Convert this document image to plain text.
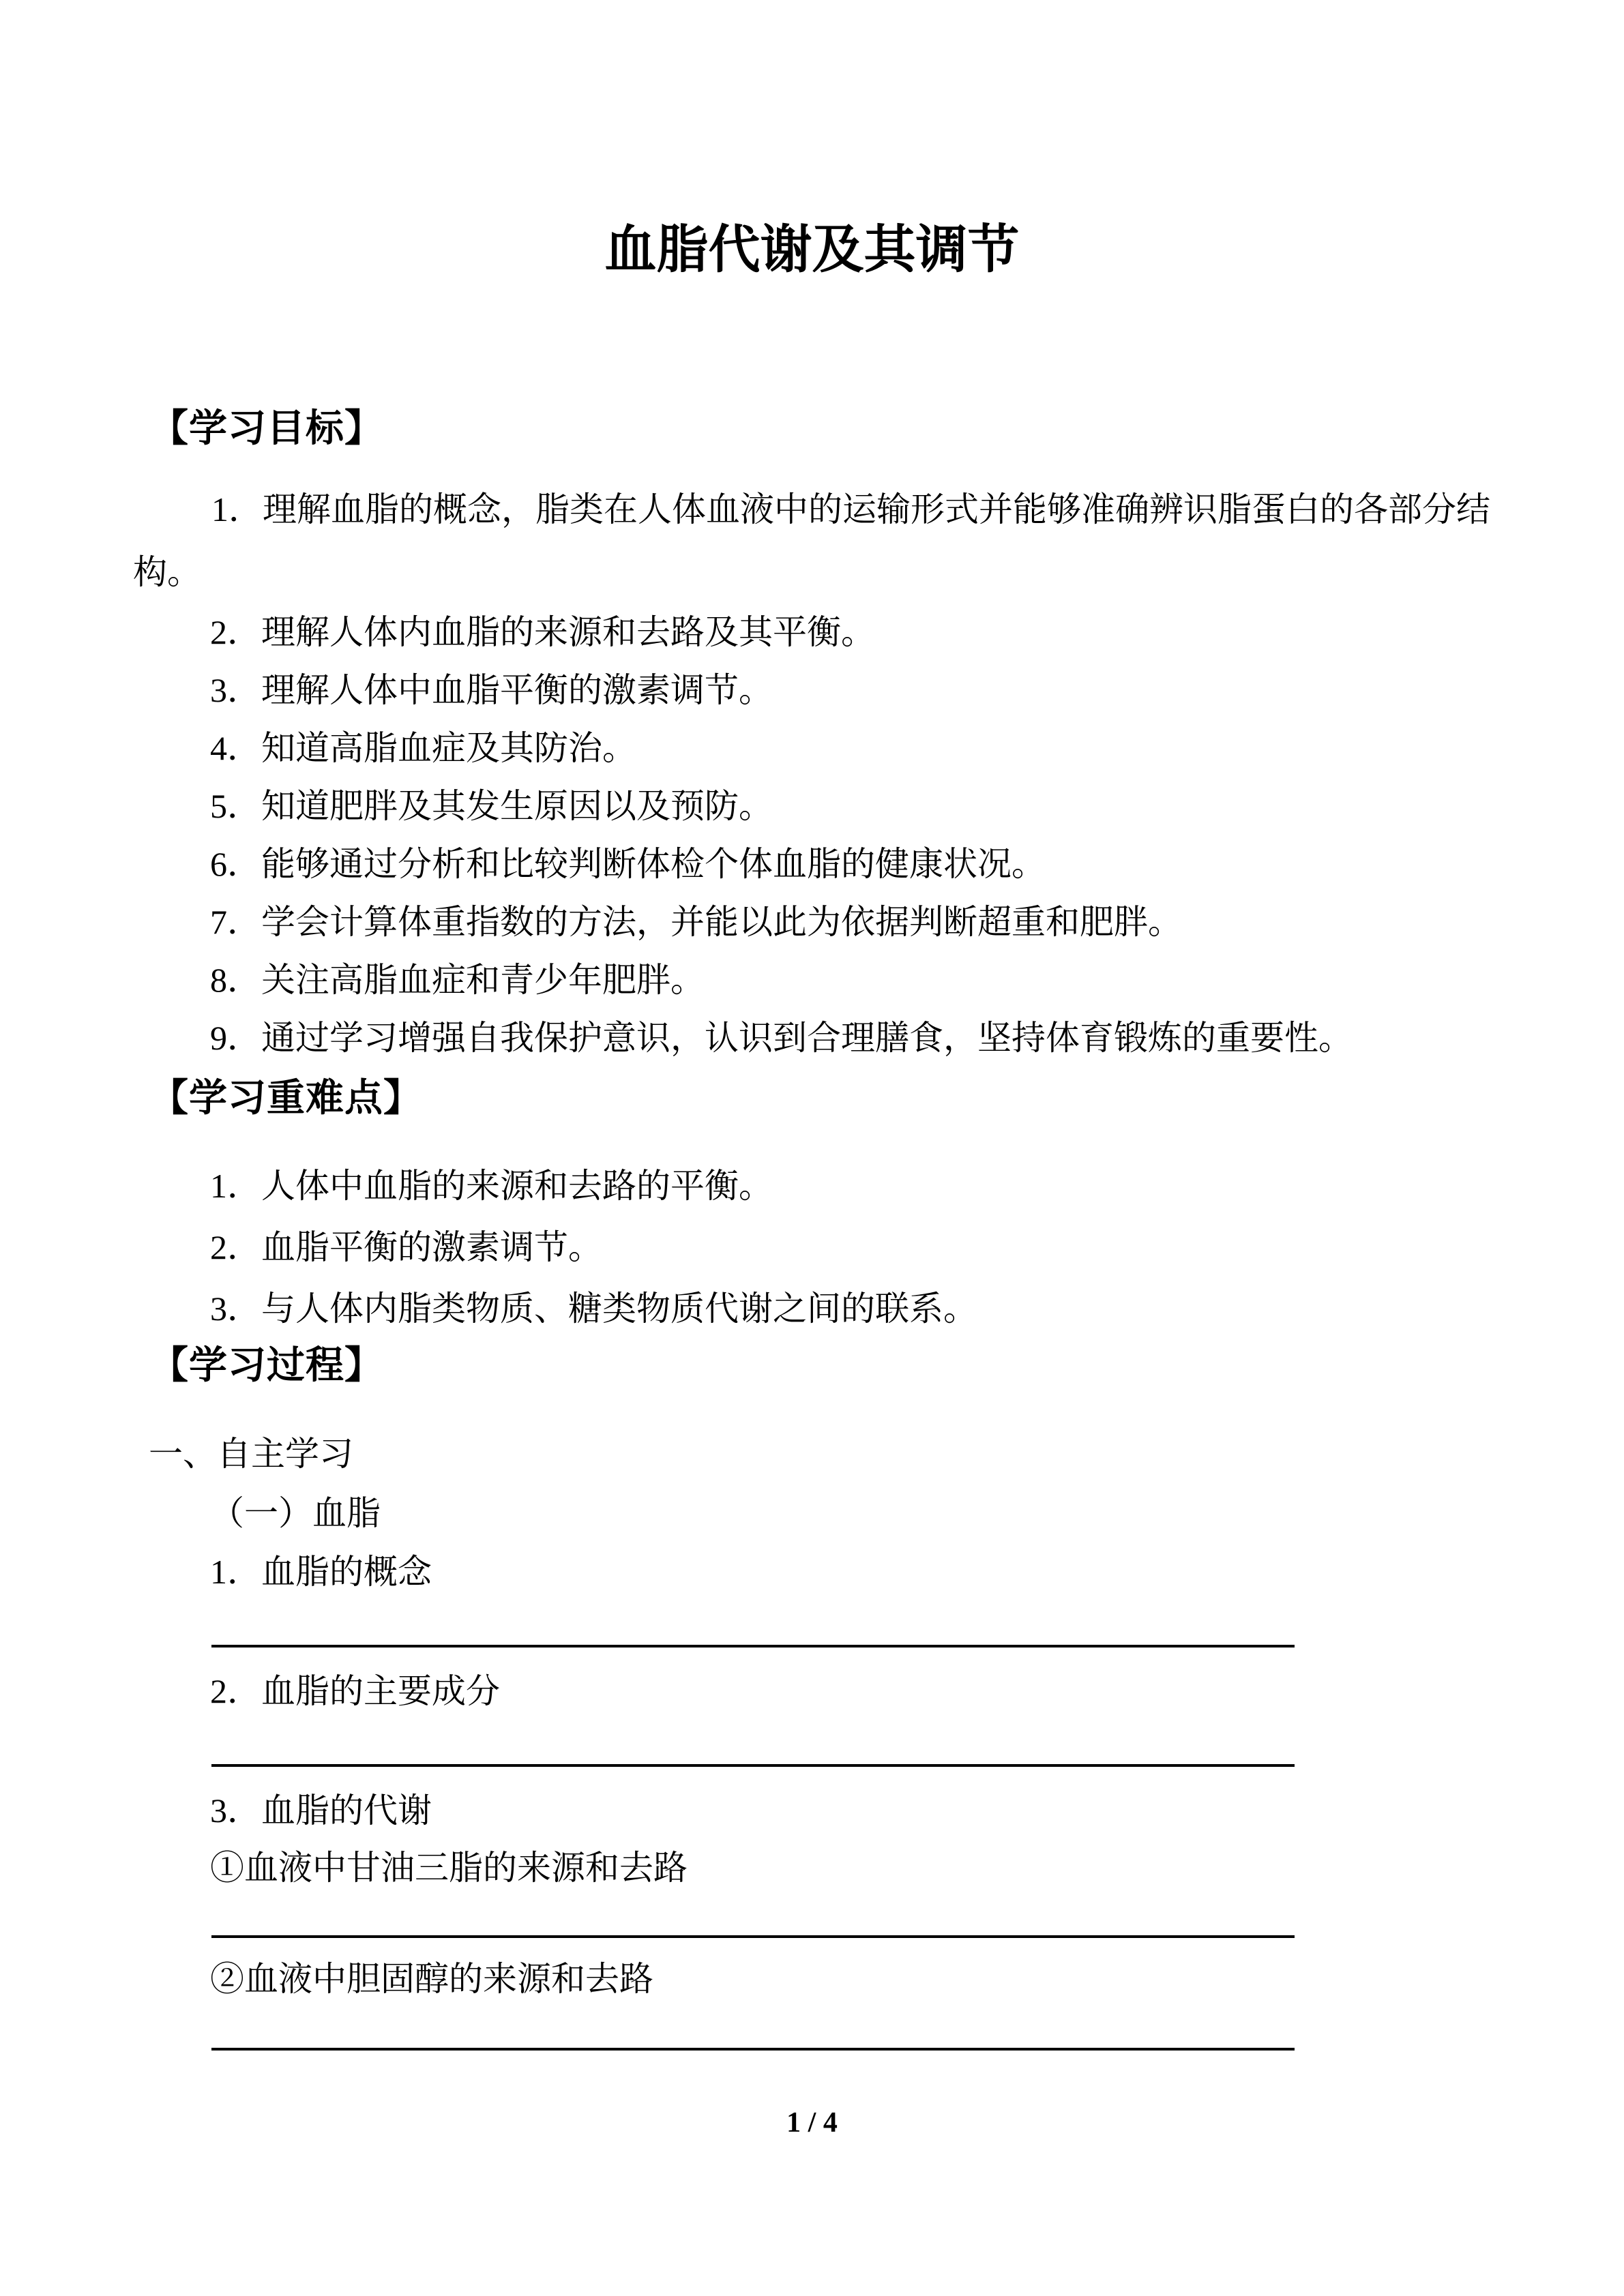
血脂代谢及其调节
【学习目标】
1．理解血脂的概念，脂类在人体血液中的运输形式并能够准确辨识脂蛋白的各部分结
构。
2．理解人体内血脂的来源和去路及其平衡。
3．理解人体中血脂平衡的激素调节。
4．知道高脂血症及其防治。
5．知道肥胖及其发生原因以及预防。
6．能够通过分析和比较判断体检个体血脂的健康状况。
7．学会计算体重指数的方法，并能以此为依据判断超重和肥胖。
8．关注高脂血症和青少年肥胖。
9．通过学习增强自我保护意识，认识到合理膳食，坚持体育锻炼的重要性。
【学习重难点】
1．人体中血脂的来源和去路的平衡。
2．血脂平衡的激素调节。
3．与人体内脂类物质、糖类物质代谢之间的联系。
【学习过程】
一、自主学习
（一）血脂
1．血脂的概念
2．血脂的主要成分
3．血脂的代谢
①血液中甘油三脂的来源和去路
②血液中胆固醇的来源和去路
1 / 4
